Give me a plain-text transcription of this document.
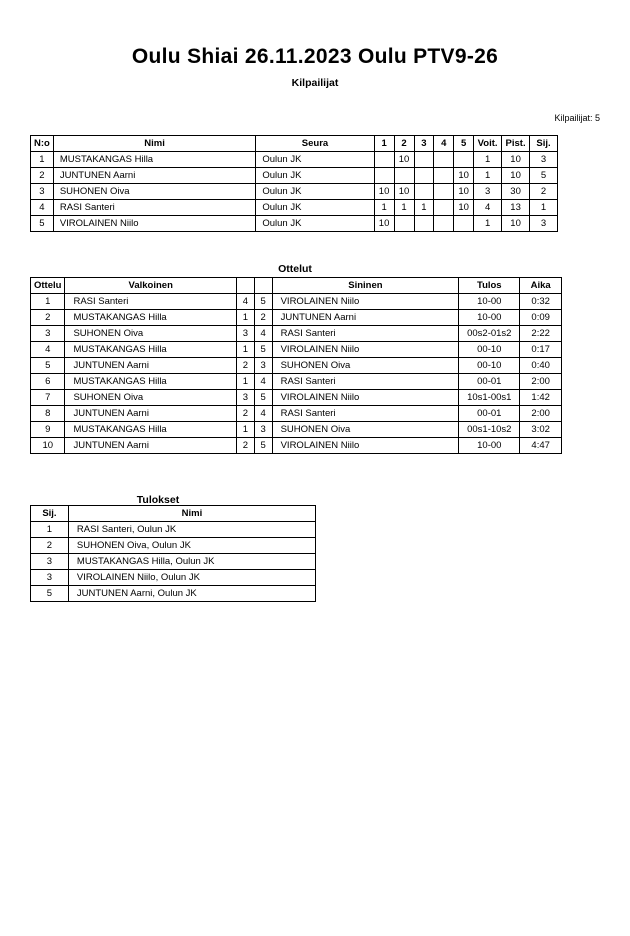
Oulu Shiai 26.11.2023 Oulu PTV9-26
Kilpailijat
Kilpailijat: 5
N:o	Nimi	Seura	1	2	3	4	5	Voit.	Pist.	Sij.
1	MUSTAKANGAS Hilla	Oulun JK		10				1	10	3
2	JUNTUNEN Aarni	Oulun JK					10	1	10	5
3	SUHONEN Oiva	Oulun JK	10	10			10	3	30	2
4	RASI Santeri	Oulun JK	1	1	1		10	4	13	1
5	VIROLAINEN Niilo	Oulun JK	10					1	10	3
Ottelut
Ottelu	Valkoinen			Sininen	Tulos	Aika
1	RASI Santeri	4	5	VIROLAINEN Niilo	10-00	0:32
2	MUSTAKANGAS Hilla	1	2	JUNTUNEN Aarni	10-00	0:09
3	SUHONEN Oiva	3	4	RASI Santeri	00s2-01s2	2:22
4	MUSTAKANGAS Hilla	1	5	VIROLAINEN Niilo	00-10	0:17
5	JUNTUNEN Aarni	2	3	SUHONEN Oiva	00-10	0:40
6	MUSTAKANGAS Hilla	1	4	RASI Santeri	00-01	2:00
7	SUHONEN Oiva	3	5	VIROLAINEN Niilo	10s1-00s1	1:42
8	JUNTUNEN Aarni	2	4	RASI Santeri	00-01	2:00
9	MUSTAKANGAS Hilla	1	3	SUHONEN Oiva	00s1-10s2	3:02
10	JUNTUNEN Aarni	2	5	VIROLAINEN Niilo	10-00	4:47
Tulokset
Sij.	Nimi
1	RASI Santeri, Oulun JK
2	SUHONEN Oiva, Oulun JK
3	MUSTAKANGAS Hilla, Oulun JK
3	VIROLAINEN Niilo, Oulun JK
5	JUNTUNEN Aarni, Oulun JK
